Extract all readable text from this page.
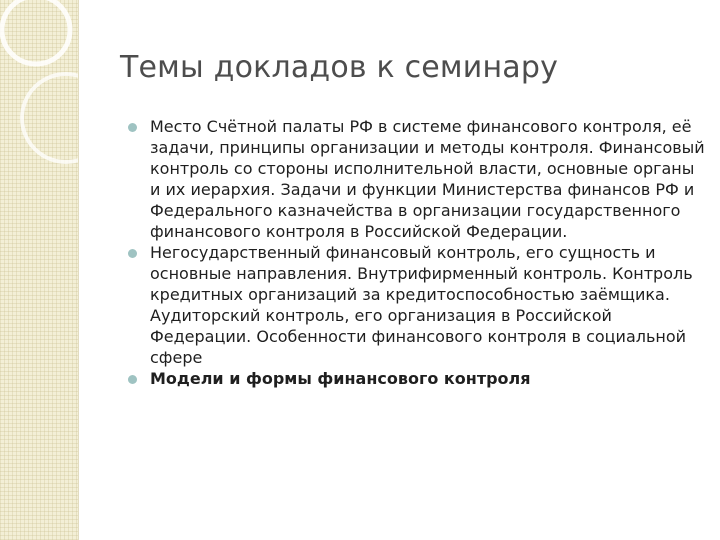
Темы докладов к семинару
Место Счётной палаты РФ в системе финансового контроля, её задачи, принципы организации и методы контроля. Финансовый контроль со стороны исполнительной власти, основные органы и их иерархия. Задачи и функции Министерства финансов РФ и Федерального казначейства в организации государственного финансового контроля в Российской Федерации.
Негосударственный финансовый контроль, его сущность и основные направления. Внутрифирменный контроль. Контроль кредитных организаций за кредитоспособностью заёмщика. Аудиторский контроль, его организация в Российской Федерации. Особенности финансового контроля в социальной сфере
Модели и формы финансового контроля
